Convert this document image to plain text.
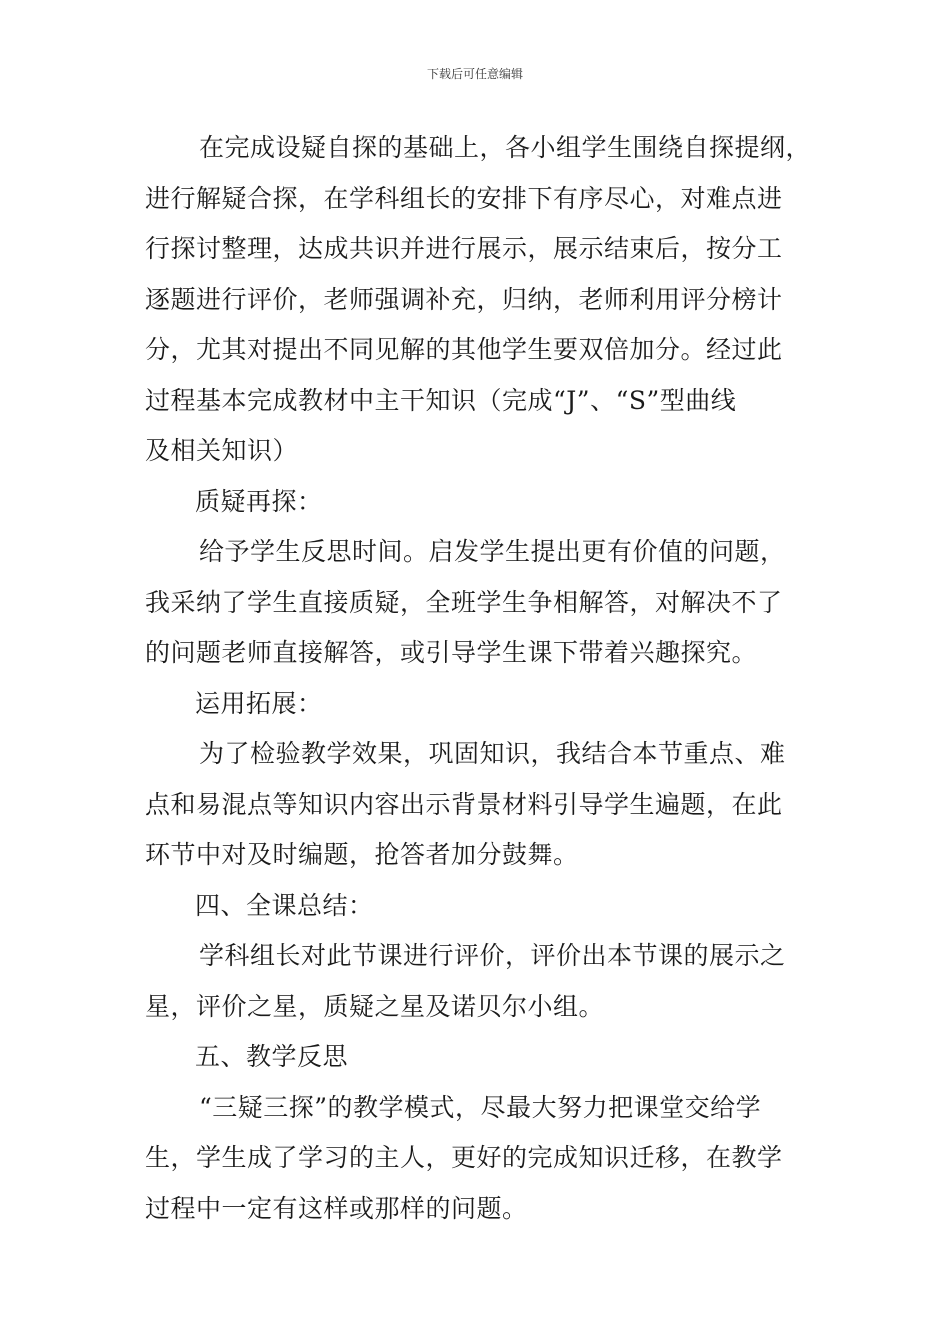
下载后可任意编辑
在完成设疑自探的基础上，各小组学生围绕自探提纲，
进行解疑合探，在学科组长的安排下有序尽心，对难点进
行探讨整理，达成共识并进行展示，展示结束后，按分工
逐题进行评价，老师强调补充，归纳，老师利用评分榜计
分，尤其对提出不同见解的其他学生要双倍加分。经过此
过程基本完成教材中主干知识（完成“J”、“S”型曲线
及相关知识）
质疑再探：
给予学生反思时间。启发学生提出更有价值的问题，
我采纳了学生直接质疑，全班学生争相解答，对解决不了
的问题老师直接解答，或引导学生课下带着兴趣探究。
运用拓展：
为了检验教学效果，巩固知识，我结合本节重点、难
点和易混点等知识内容出示背景材料引导学生遍题，在此
环节中对及时编题，抢答者加分鼓舞。
四、全课总结：
学科组长对此节课进行评价，评价出本节课的展示之
星，评价之星，质疑之星及诺贝尔小组。
五、教学反思
“三疑三探”的教学模式，尽最大努力把课堂交给学
生，学生成了学习的主人，更好的完成知识迁移，在教学
过程中一定有这样或那样的问题。
